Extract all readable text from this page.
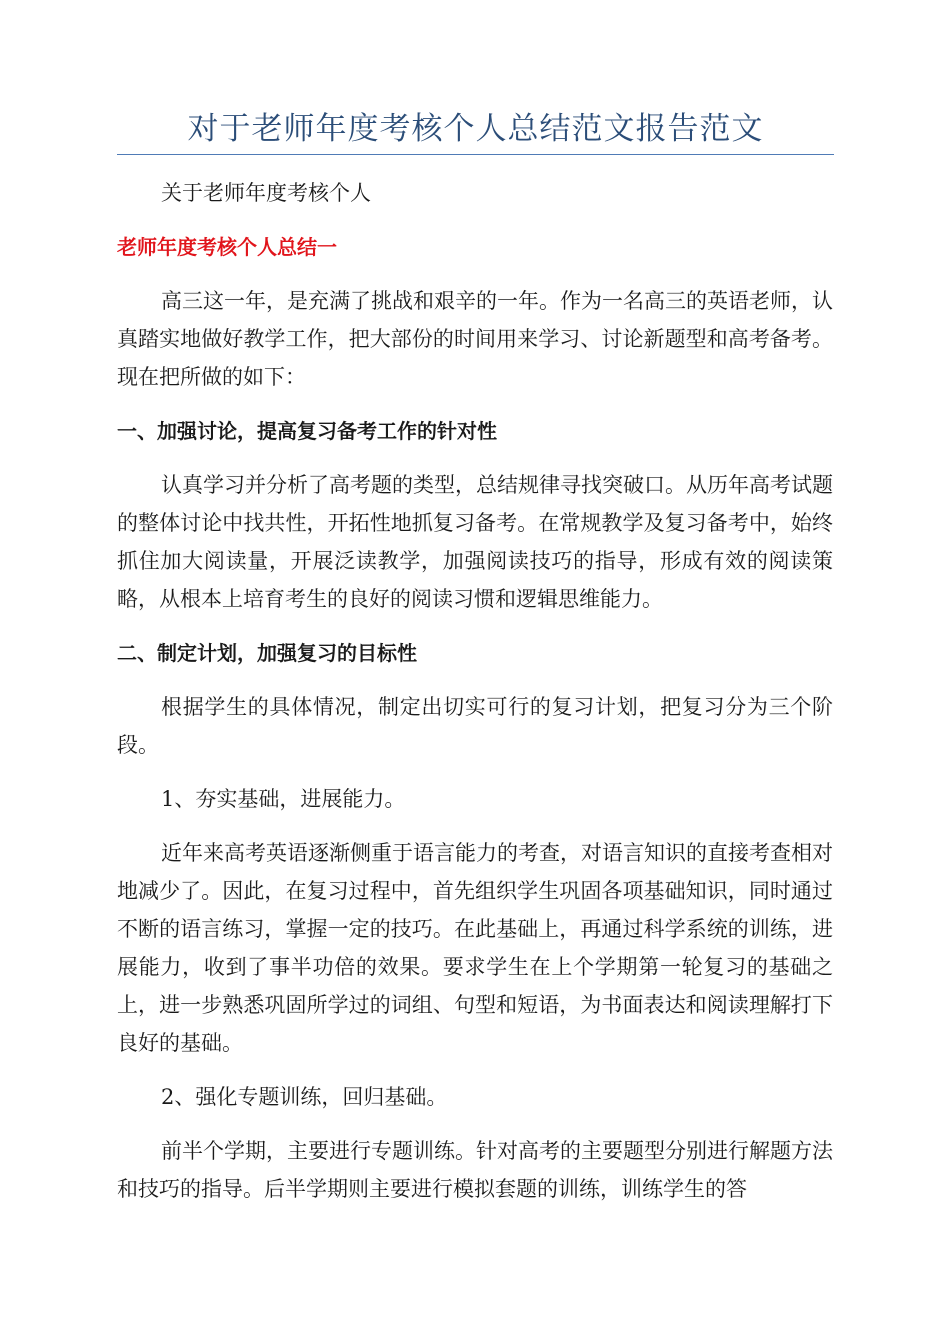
对于老师年度考核个人总结范文报告范文

关于老师年度考核个人

老师年度考核个人总结一

高三这一年，是充满了挑战和艰辛的一年。作为一名高三的英语老师，认真踏实地做好教学工作，把大部份的时间用来学习、讨论新题型和高考备考。现在把所做的如下：

一、加强讨论，提高复习备考工作的针对性

认真学习并分析了高考题的类型，总结规律寻找突破口。从历年高考试题的整体讨论中找共性，开拓性地抓复习备考。在常规教学及复习备考中，始终抓住加大阅读量，开展泛读教学，加强阅读技巧的指导，形成有效的阅读策略，从根本上培育考生的良好的阅读习惯和逻辑思维能力。

二、制定计划，加强复习的目标性

根据学生的具体情况，制定出切实可行的复习计划，把复习分为三个阶段。

1、夯实基础，进展能力。

近年来高考英语逐渐侧重于语言能力的考查，对语言知识的直接考查相对地减少了。因此，在复习过程中，首先组织学生巩固各项基础知识，同时通过不断的语言练习，掌握一定的技巧。在此基础上，再通过科学系统的训练，进展能力，收到了事半功倍的效果。要求学生在上个学期第一轮复习的基础之上，进一步熟悉巩固所学过的词组、句型和短语，为书面表达和阅读理解打下良好的基础。

2、强化专题训练，回归基础。

前半个学期，主要进行专题训练。针对高考的主要题型分别进行解题方法和技巧的指导。后半学期则主要进行模拟套题的训练，训练学生的答
